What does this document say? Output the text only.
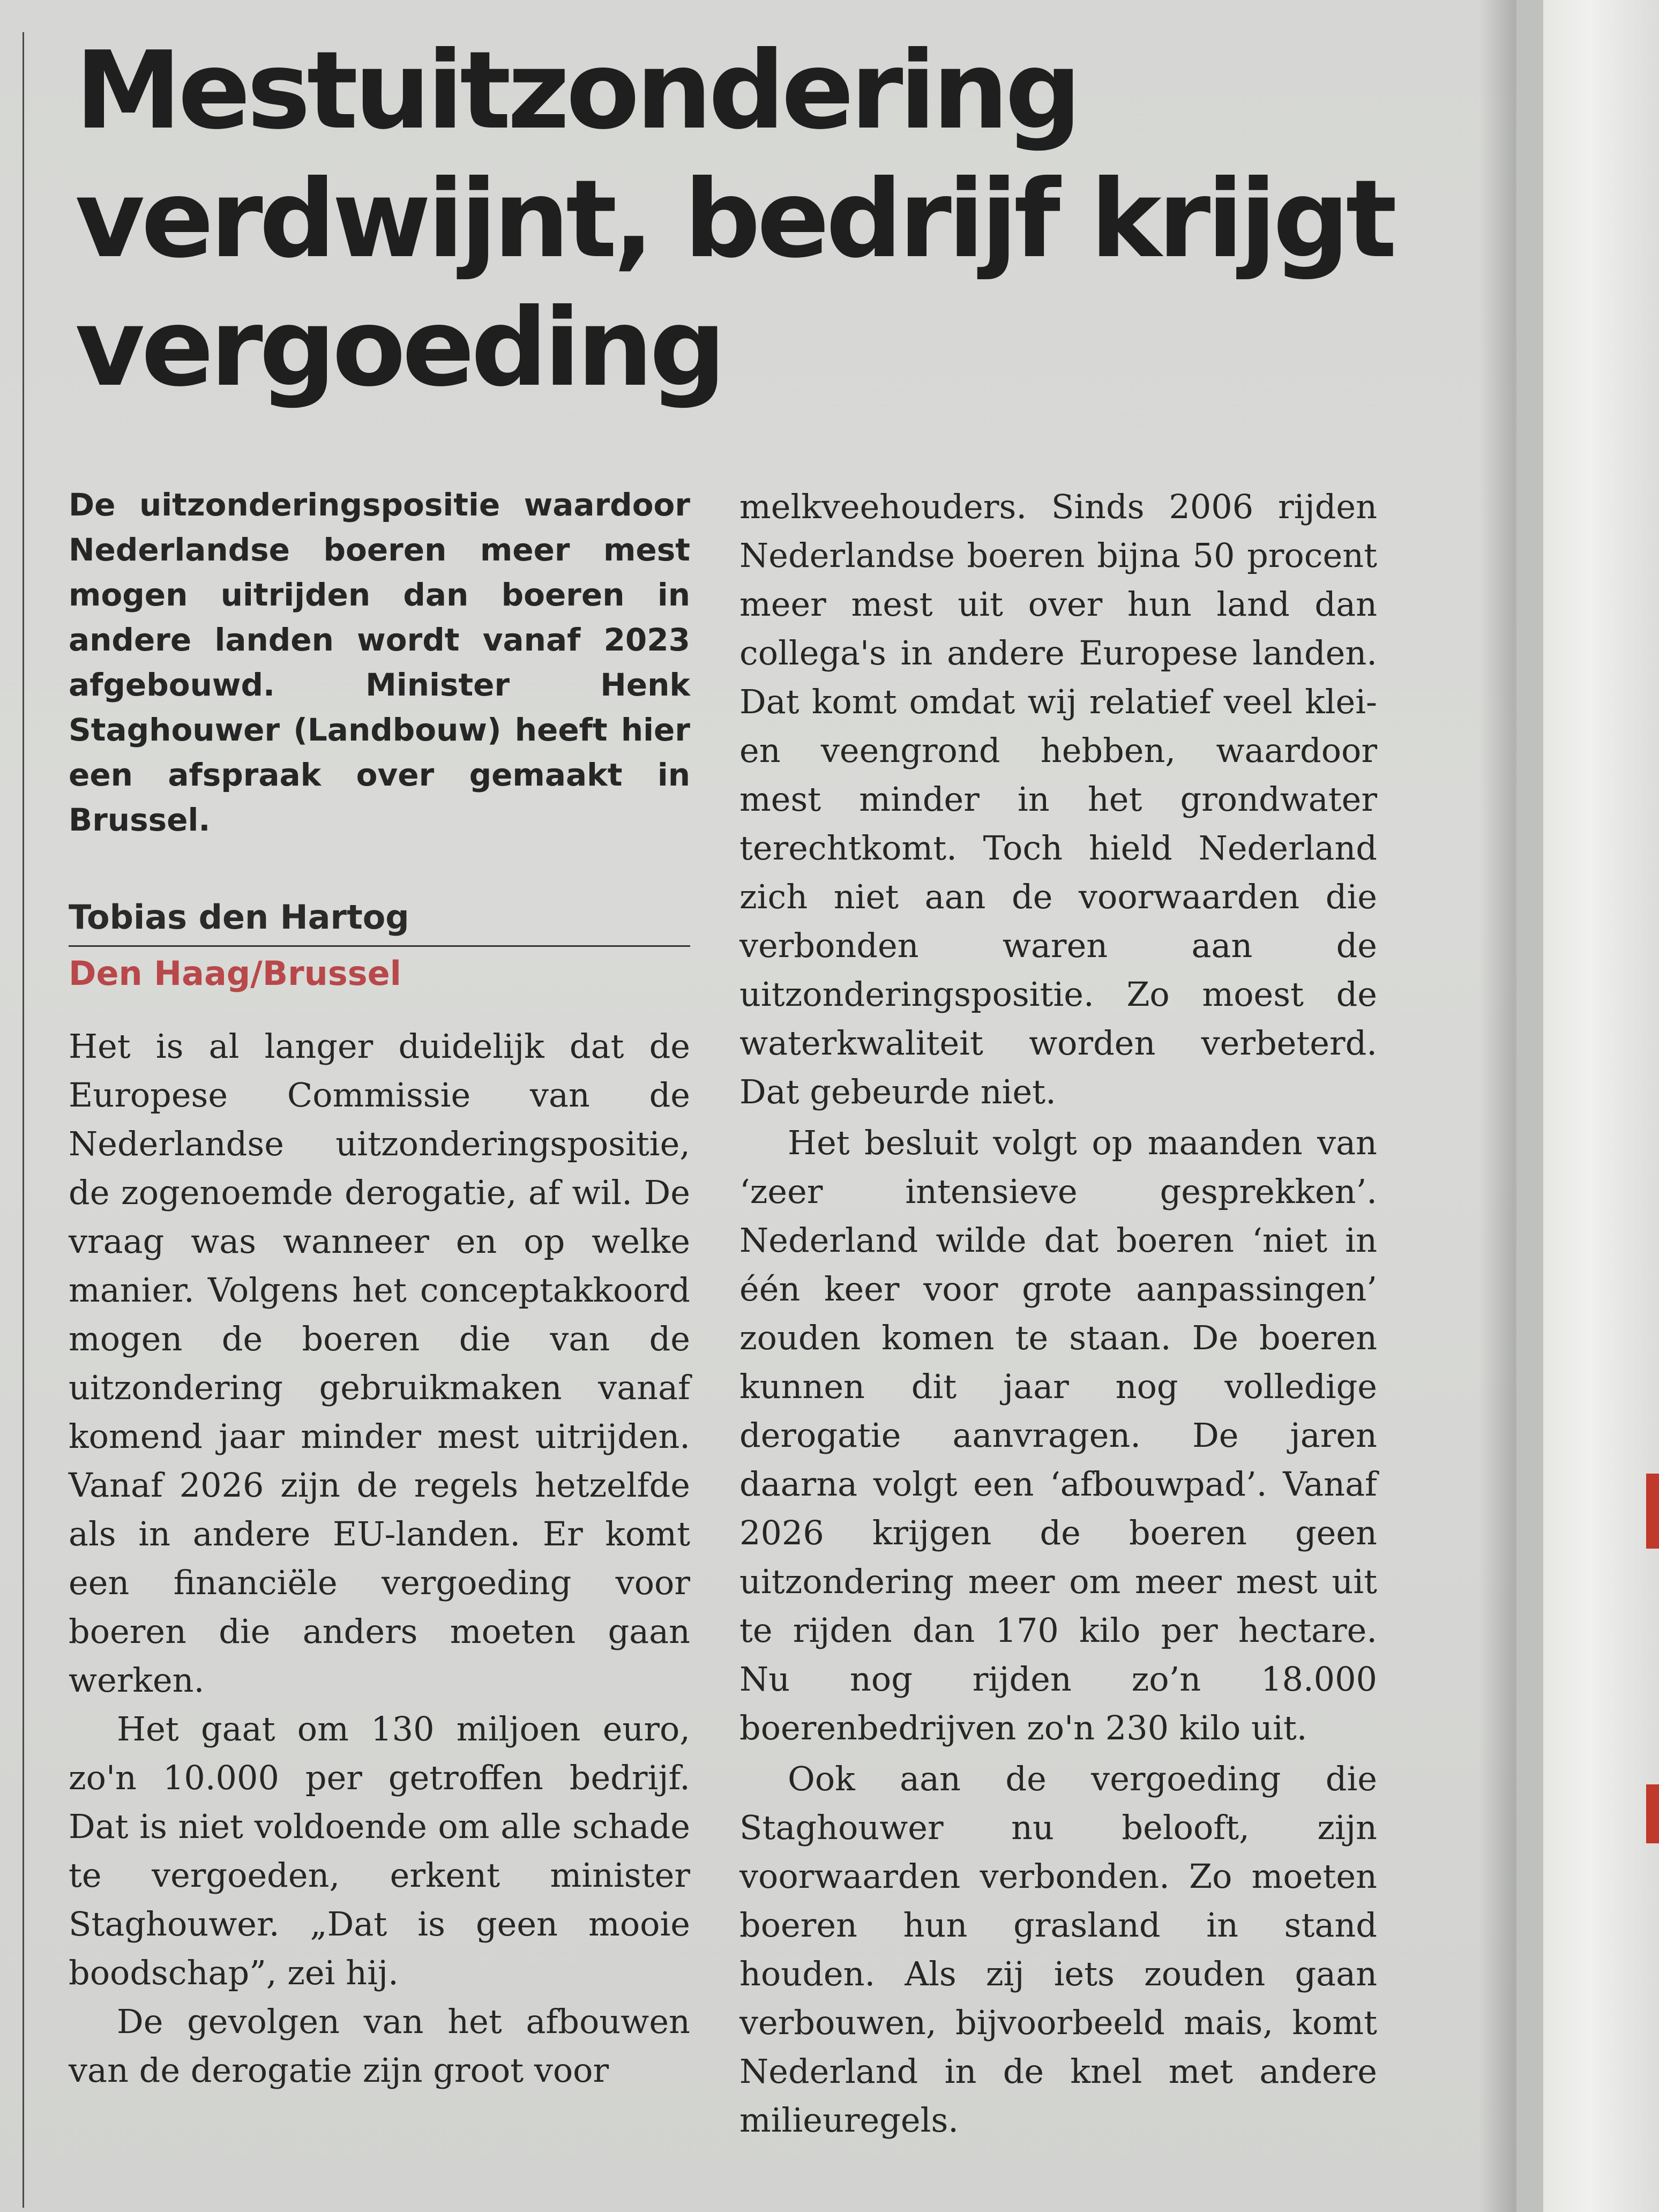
Mestuitzondering verdwijnt, bedrijf krijgt vergoeding

De uitzonderingspositie waardoor Nederlandse boeren meer mest mogen uitrijden dan boeren in andere landen wordt vanaf 2023 afgebouwd. Minister Henk Staghouwer (Landbouw) heeft hier een afspraak over gemaakt in Brussel.

Tobias den Hartog
Den Haag/Brussel

Het is al langer duidelijk dat de Europese Commissie van de Nederlandse uitzonderingspositie, de zogenoemde derogatie, af wil. De vraag was wanneer en op welke manier. Volgens het conceptakkoord mogen de boeren die van de uitzondering gebruikmaken vanaf komend jaar minder mest uitrijden. Vanaf 2026 zijn de regels hetzelfde als in andere EU-landen. Er komt een financiële vergoeding voor boeren die anders moeten gaan werken.

Het gaat om 130 miljoen euro, zo'n 10.000 per getroffen bedrijf. Dat is niet voldoende om alle schade te vergoeden, erkent minister Staghouwer. „Dat is geen mooie boodschap”, zei hij.

De gevolgen van het afbouwen van de derogatie zijn groot voor

melkveehouders. Sinds 2006 rijden Nederlandse boeren bijna 50 procent meer mest uit over hun land dan collega's in andere Europese landen. Dat komt omdat wij relatief veel klei- en veengrond hebben, waardoor mest minder in het grondwater terechtkomt. Toch hield Nederland zich niet aan de voorwaarden die verbonden waren aan de uitzonderingspositie. Zo moest de waterkwaliteit worden verbeterd. Dat gebeurde niet.

Het besluit volgt op maanden van ‘zeer intensieve gesprekken’. Nederland wilde dat boeren ‘niet in één keer voor grote aanpassingen’ zouden komen te staan. De boeren kunnen dit jaar nog volledige derogatie aanvragen. De jaren daarna volgt een ‘afbouwpad’. Vanaf 2026 krijgen de boeren geen uitzondering meer om meer mest uit te rijden dan 170 kilo per hectare. Nu nog rijden zo’n 18.000 boerenbedrijven zo'n 230 kilo uit.

Ook aan de vergoeding die Staghouwer nu belooft, zijn voorwaarden verbonden. Zo moeten boeren hun grasland in stand houden. Als zij iets zouden gaan verbouwen, bijvoorbeeld mais, komt Nederland in de knel met andere milieuregels.
